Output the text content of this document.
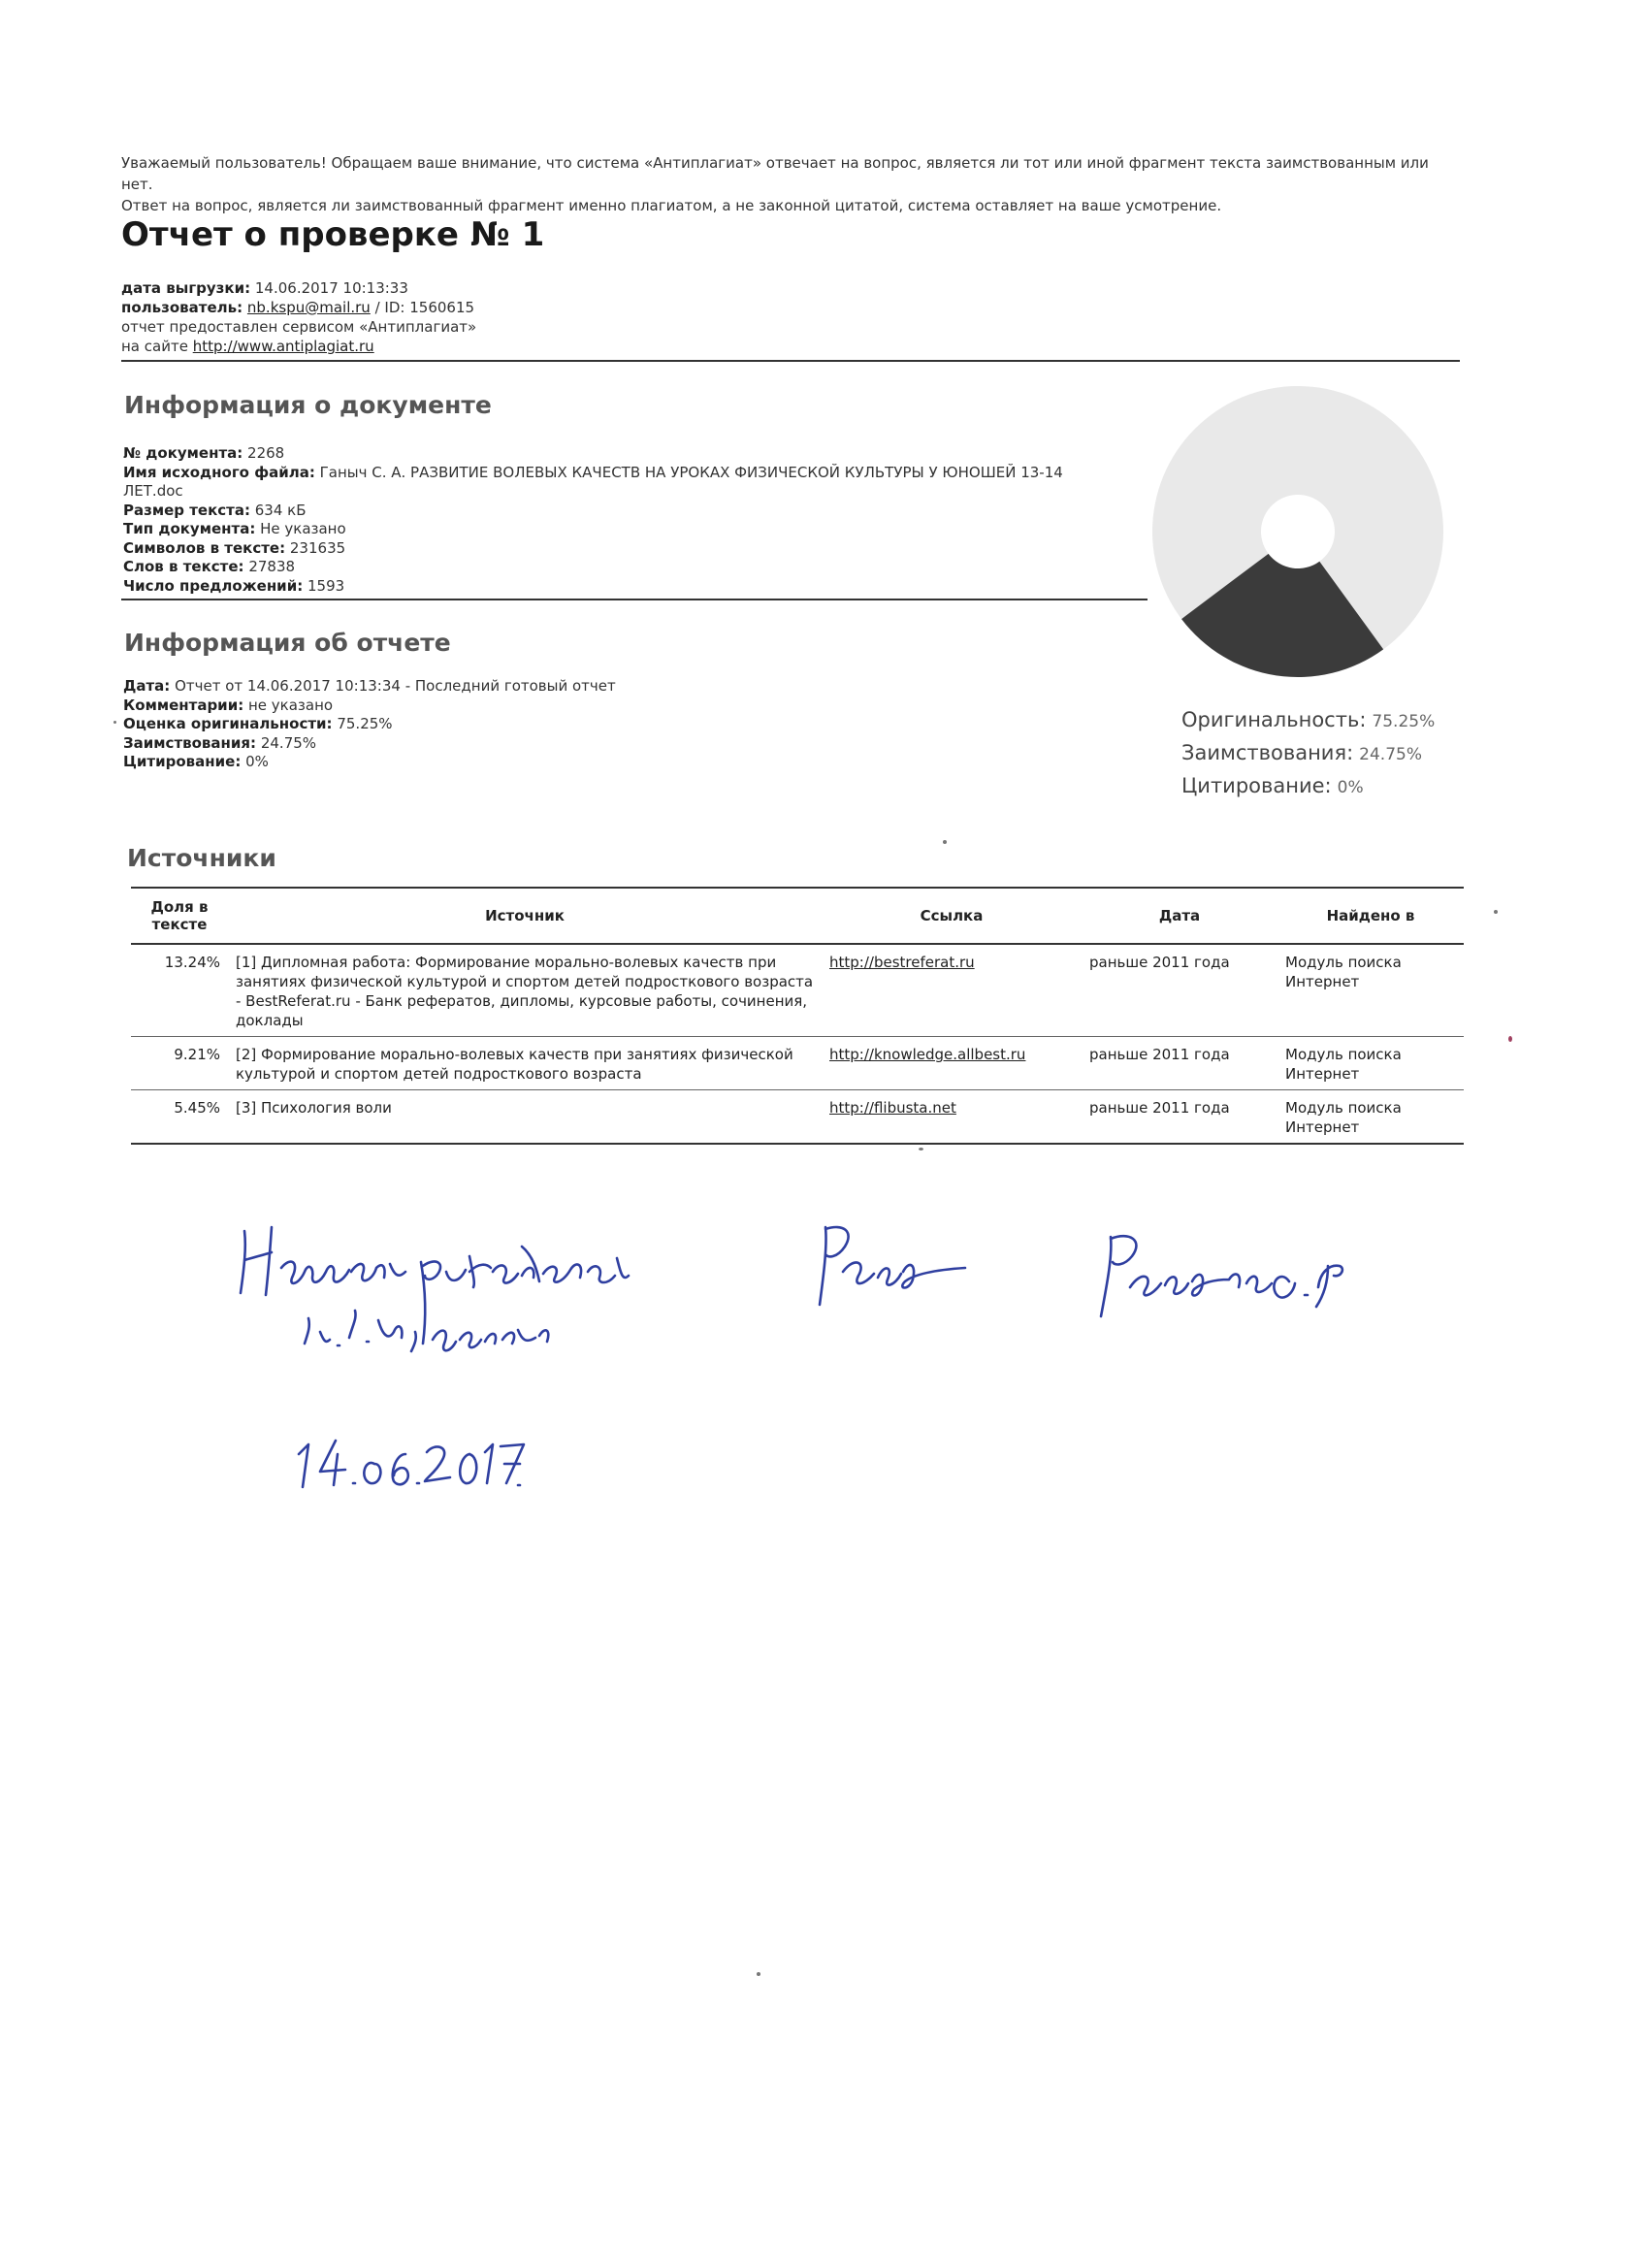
Уважаемый пользователь! Обращаем ваше внимание, что система «Антиплагиат» отвечает на вопрос, является ли тот или иной фрагмент текста заимствованным или нет.
Ответ на вопрос, является ли заимствованный фрагмент именно плагиатом, а не законной цитатой, система оставляет на ваше усмотрение.
Отчет о проверке № 1
дата выгрузки: 14.06.2017 10:13:33
пользователь: nb.kspu@mail.ru / ID: 1560615
отчет предоставлен сервисом «Антиплагиат»
на сайте http://www.antiplagiat.ru
Информация о документе
№ документа: 2268
Имя исходного файла: Ганыч С. А. РАЗВИТИЕ ВОЛЕВЫХ КАЧЕСТВ НА УРОКАХ ФИЗИЧЕСКОЙ КУЛЬТУРЫ У ЮНОШЕЙ 13-14
ЛЕТ.doc
Размер текста: 634 кБ
Тип документа: Не указано
Символов в тексте: 231635
Слов в тексте: 27838
Число предложений: 1593
Информация об отчете
Дата: Отчет от 14.06.2017 10:13:34 - Последний готовый отчет
Комментарии: не указано
Оценка оригинальности: 75.25%
Заимствования: 24.75%
Цитирование: 0%
Оригинальность: 75.25%
Заимствования: 24.75%
Цитирование: 0%
Источники
Доля в тексте	Источник	Ссылка	Дата	Найдено в
13.24%	[1] Дипломная работа: Формирование морально-волевых качеств при занятиях физической культурой и спортом детей подросткового возраста - BestReferat.ru - Банк рефератов, дипломы, курсовые работы, сочинения, доклады	http://bestreferat.ru	раньше 2011 года	Модуль поиска Интернет
9.21%	[2] Формирование морально-волевых качеств при занятиях физической культурой и спортом детей подросткового возраста	http://knowledge.allbest.ru	раньше 2011 года	Модуль поиска Интернет
5.45%	[3] Психология воли	http://flibusta.net	раньше 2011 года	Модуль поиска Интернет
